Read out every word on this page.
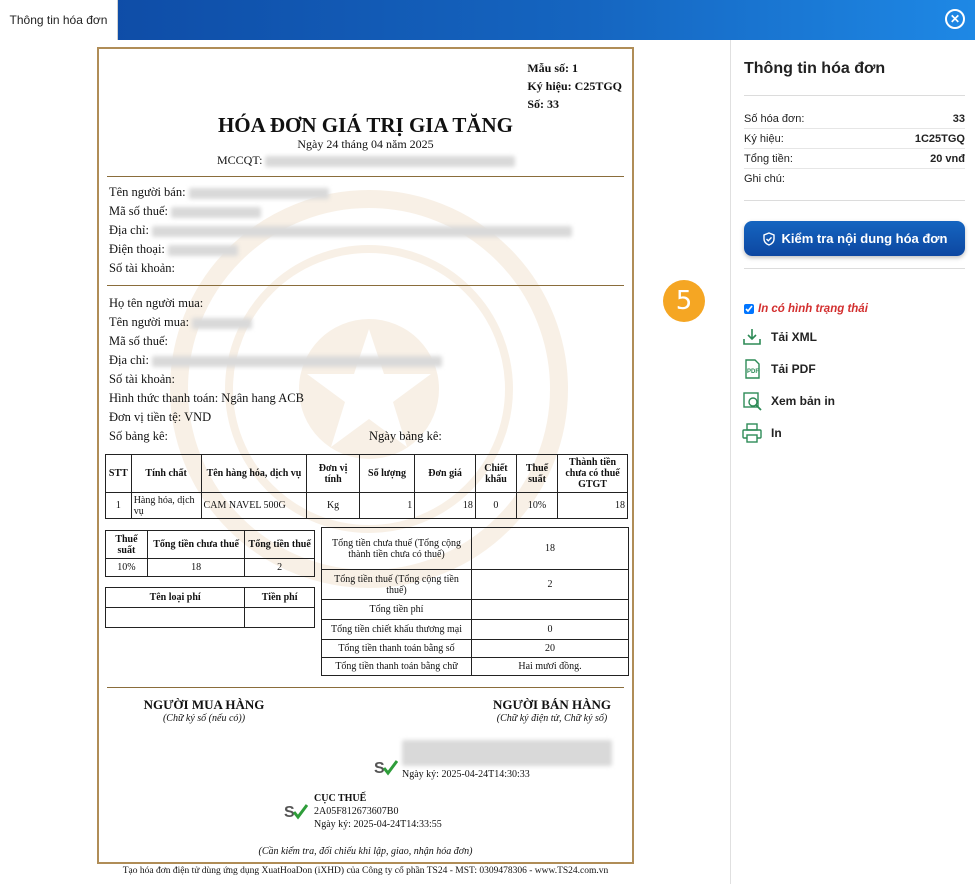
Thông tin hóa đơn	✕
Mẫu số: 1
Ký hiệu: C25TGQ
Số: 33
HÓA ĐƠN GIÁ TRỊ GIA TĂNG
Ngày 24 tháng 04 năm 2025
MCCQT:
Tên người bán:
Mã số thuế:
Địa chỉ:
Điện thoại:
Số tài khoản:
Họ tên người mua:
Tên người mua:
Mã số thuế:
Địa chỉ:
Số tài khoản:
Hình thức thanh toán: Ngân hang ACB
Đơn vị tiền tệ: VND
Số bảng kê:	Ngày bảng kê:
STT	Tính chất	Tên hàng hóa, dịch vụ	Đơn vị tính	Số lượng	Đơn giá	Chiết khấu	Thuế suất	Thành tiền chưa có thuế GTGT
1	Hàng hóa, dịch vụ	CAM NAVEL 500G	Kg	1	18	0	10%	18
Thuế suất	Tổng tiền chưa thuế	Tổng tiền thuế
10%	18	2
Tên loại phí	Tiền phí

Tổng tiền chưa thuế (Tổng cộng thành tiền chưa có thuế)	18
Tổng tiền thuế (Tổng cộng tiền thuế)	2
Tổng tiền phí	
Tổng tiền chiết khấu thương mại	0
Tổng tiền thanh toán bằng số	20
Tổng tiền thanh toán bằng chữ	Hai mươi đồng.
NGƯỜI MUA HÀNG
(Chữ ký số (nếu có))
NGƯỜI BÁN HÀNG
(Chữ ký điện tử, Chữ ký số)
S Ngày ký: 2025-04-24T14:30:33
S
CỤC THUẾ
2A05F812673607B0
Ngày ký: 2025-04-24T14:33:55
(Cần kiểm tra, đối chiếu khi lập, giao, nhận hóa đơn)
Tạo hóa đơn điện tử dùng ứng dụng XuatHoaDon (iXHD) của Công ty cổ phần TS24 - MST: 0309478306 - www.TS24.com.vn
5
Thông tin hóa đơn
Số hóa đơn:	33
Ký hiệu:	1C25TGQ
Tổng tiền:	20 vnđ
Ghi chú:
Kiểm tra nội dung hóa đơn
In có hình trạng thái
Tải XML
PDF Tải PDF
Xem bản in
In
